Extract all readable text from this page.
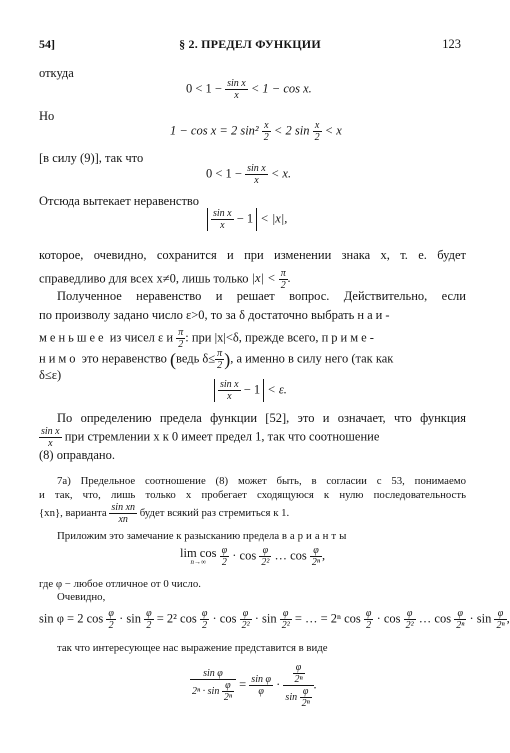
54]	§ 2. ПРЕДЕЛ ФУНКЦИИ	123
откуда
$0 < 1 - \frac{\text{sin x}}{x} < 1 - \cos x$.
Но
1 − cos x = 2 $\sin^2 \frac{x}{2} < 2$ $\sin \frac{x}{2} < x$
[в силу (9)], так что
$0 < 1 - \frac{\text{sin x}}{x} < x$.
Отсюда вытекает неравенство
$\frac{\text{sin x}}{x} - 1 < |x|$,
которое, очевидно, сохранится и при изменении знака x, т. е. будет
справедливо для всех x≠0, лишь только $|x| < \frac{\pi}{2}$ .
Полученное неравенство и решает вопрос. Действительно, если
по произволу задано число ε>0, то за δ достаточно выбрать наи-
меньшее из чисел ε и $\frac{\pi}{2}$ : при |x|<δ, прежде всего, приме-
нимо это неравенство (ведь $\delta\le \frac{\pi}{2}$ ), а именно в силу него (так как
δ≤ε)
$\frac{\text{sin x}}{x} - 1 < \varepsilon$.
По определению предела функции [52], это и означает, что функция
$\frac{\text{sin x}}{x}$ при стремлении x к 0 имеет предел 1, так что соотношение
(8) оправдано.
7а) Предельное соотношение (8) может быть, в согласии с 53, понимаемо
и так, что, лишь только x пробегает сходящуюся к нулю последовательность
{xn}, варианта $\frac{\text{sin xn}}{xn}$ будет всякий раз стремиться к 1.
Приложим это замечание к разысканию предела варианты
lim cos
n→∞
	$\frac{\varphi}{2} \cdot \cos \frac{\varphi}{\text{2²}}$ … $\cos \frac{\varphi}{\text{2ⁿ}}$ ,
где φ − любое отличное от 0 число.
Очевидно,
sin φ = 2 $\cos \frac{\varphi}{2} \cdot \sin \frac{\varphi}{2} = 2^2$ $\cos \frac{\varphi}{2} \cdot \cos \frac{\varphi}{\text{2²}} \cdot \sin \frac{\varphi}{\text{2²}}$ = … = 2ⁿ $\cos \frac{\varphi}{2} \cdot \cos \frac{\varphi}{\text{2²}}$ … $\cos \frac{\varphi}{\text{2ⁿ}} \cdot \sin \frac{\varphi}{\text{2ⁿ}}$ ,
так что интересующее нас выражение представится в виде
$\frac{\text{sin φ}}{2^n \cdot \sin \frac{\varphi}{\text{2ⁿ}}} = \frac{\text{sin φ}}{\varphi} \cdot \frac{\frac{\varphi}{\text{2ⁿ}}}{\sin \frac{\varphi}{\text{2ⁿ}}}$ .
